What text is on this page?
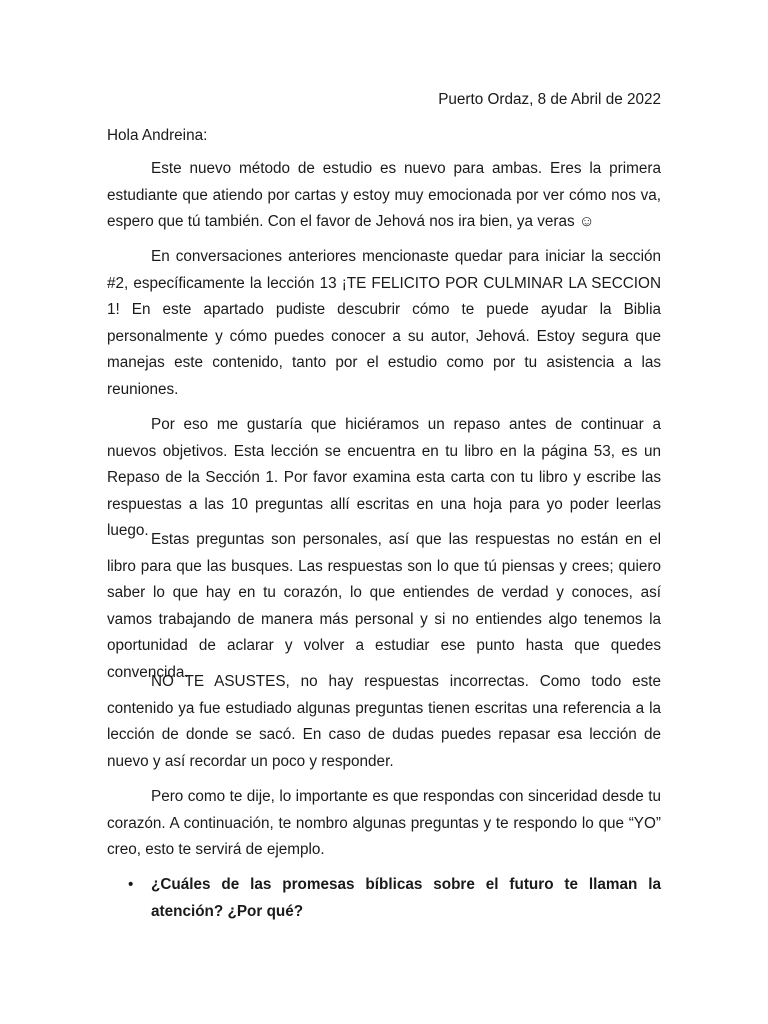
Puerto Ordaz, 8 de Abril de 2022
Hola Andreina:

Este nuevo método de estudio es nuevo para ambas. Eres la primera estudiante que atiendo por cartas y estoy muy emocionada por ver cómo nos va, espero que tú también. Con el favor de Jehová nos ira bien, ya veras ☺

En conversaciones anteriores mencionaste quedar para iniciar la sección #2, específicamente la lección 13 ¡TE FELICITO POR CULMINAR LA SECCION 1! En este apartado pudiste descubrir cómo te puede ayudar la Biblia personalmente y cómo puedes conocer a su autor, Jehová. Estoy segura que manejas este contenido, tanto por el estudio como por tu asistencia a las reuniones.

Por eso me gustaría que hiciéramos un repaso antes de continuar a nuevos objetivos. Esta lección se encuentra en tu libro en la página 53, es un Repaso de la Sección 1. Por favor examina esta carta con tu libro y escribe las respuestas a las 10 preguntas allí escritas en una hoja para yo poder leerlas luego.

Estas preguntas son personales, así que las respuestas no están en el libro para que las busques. Las respuestas son lo que tú piensas y crees; quiero saber lo que hay en tu corazón, lo que entiendes de verdad y conoces, así vamos trabajando de manera más personal y si no entiendes algo tenemos la oportunidad de aclarar y volver a estudiar ese punto hasta que quedes convencida.

NO TE ASUSTES, no hay respuestas incorrectas. Como todo este contenido ya fue estudiado algunas preguntas tienen escritas una referencia a la lección de donde se sacó. En caso de dudas puedes repasar esa lección de nuevo y así recordar un poco y responder.

Pero como te dije, lo importante es que respondas con sinceridad desde tu corazón. A continuación, te nombro algunas preguntas y te respondo lo que “YO” creo, esto te servirá de ejemplo.

• ¿Cuáles de las promesas bíblicas sobre el futuro te llaman la atención? ¿Por qué?
